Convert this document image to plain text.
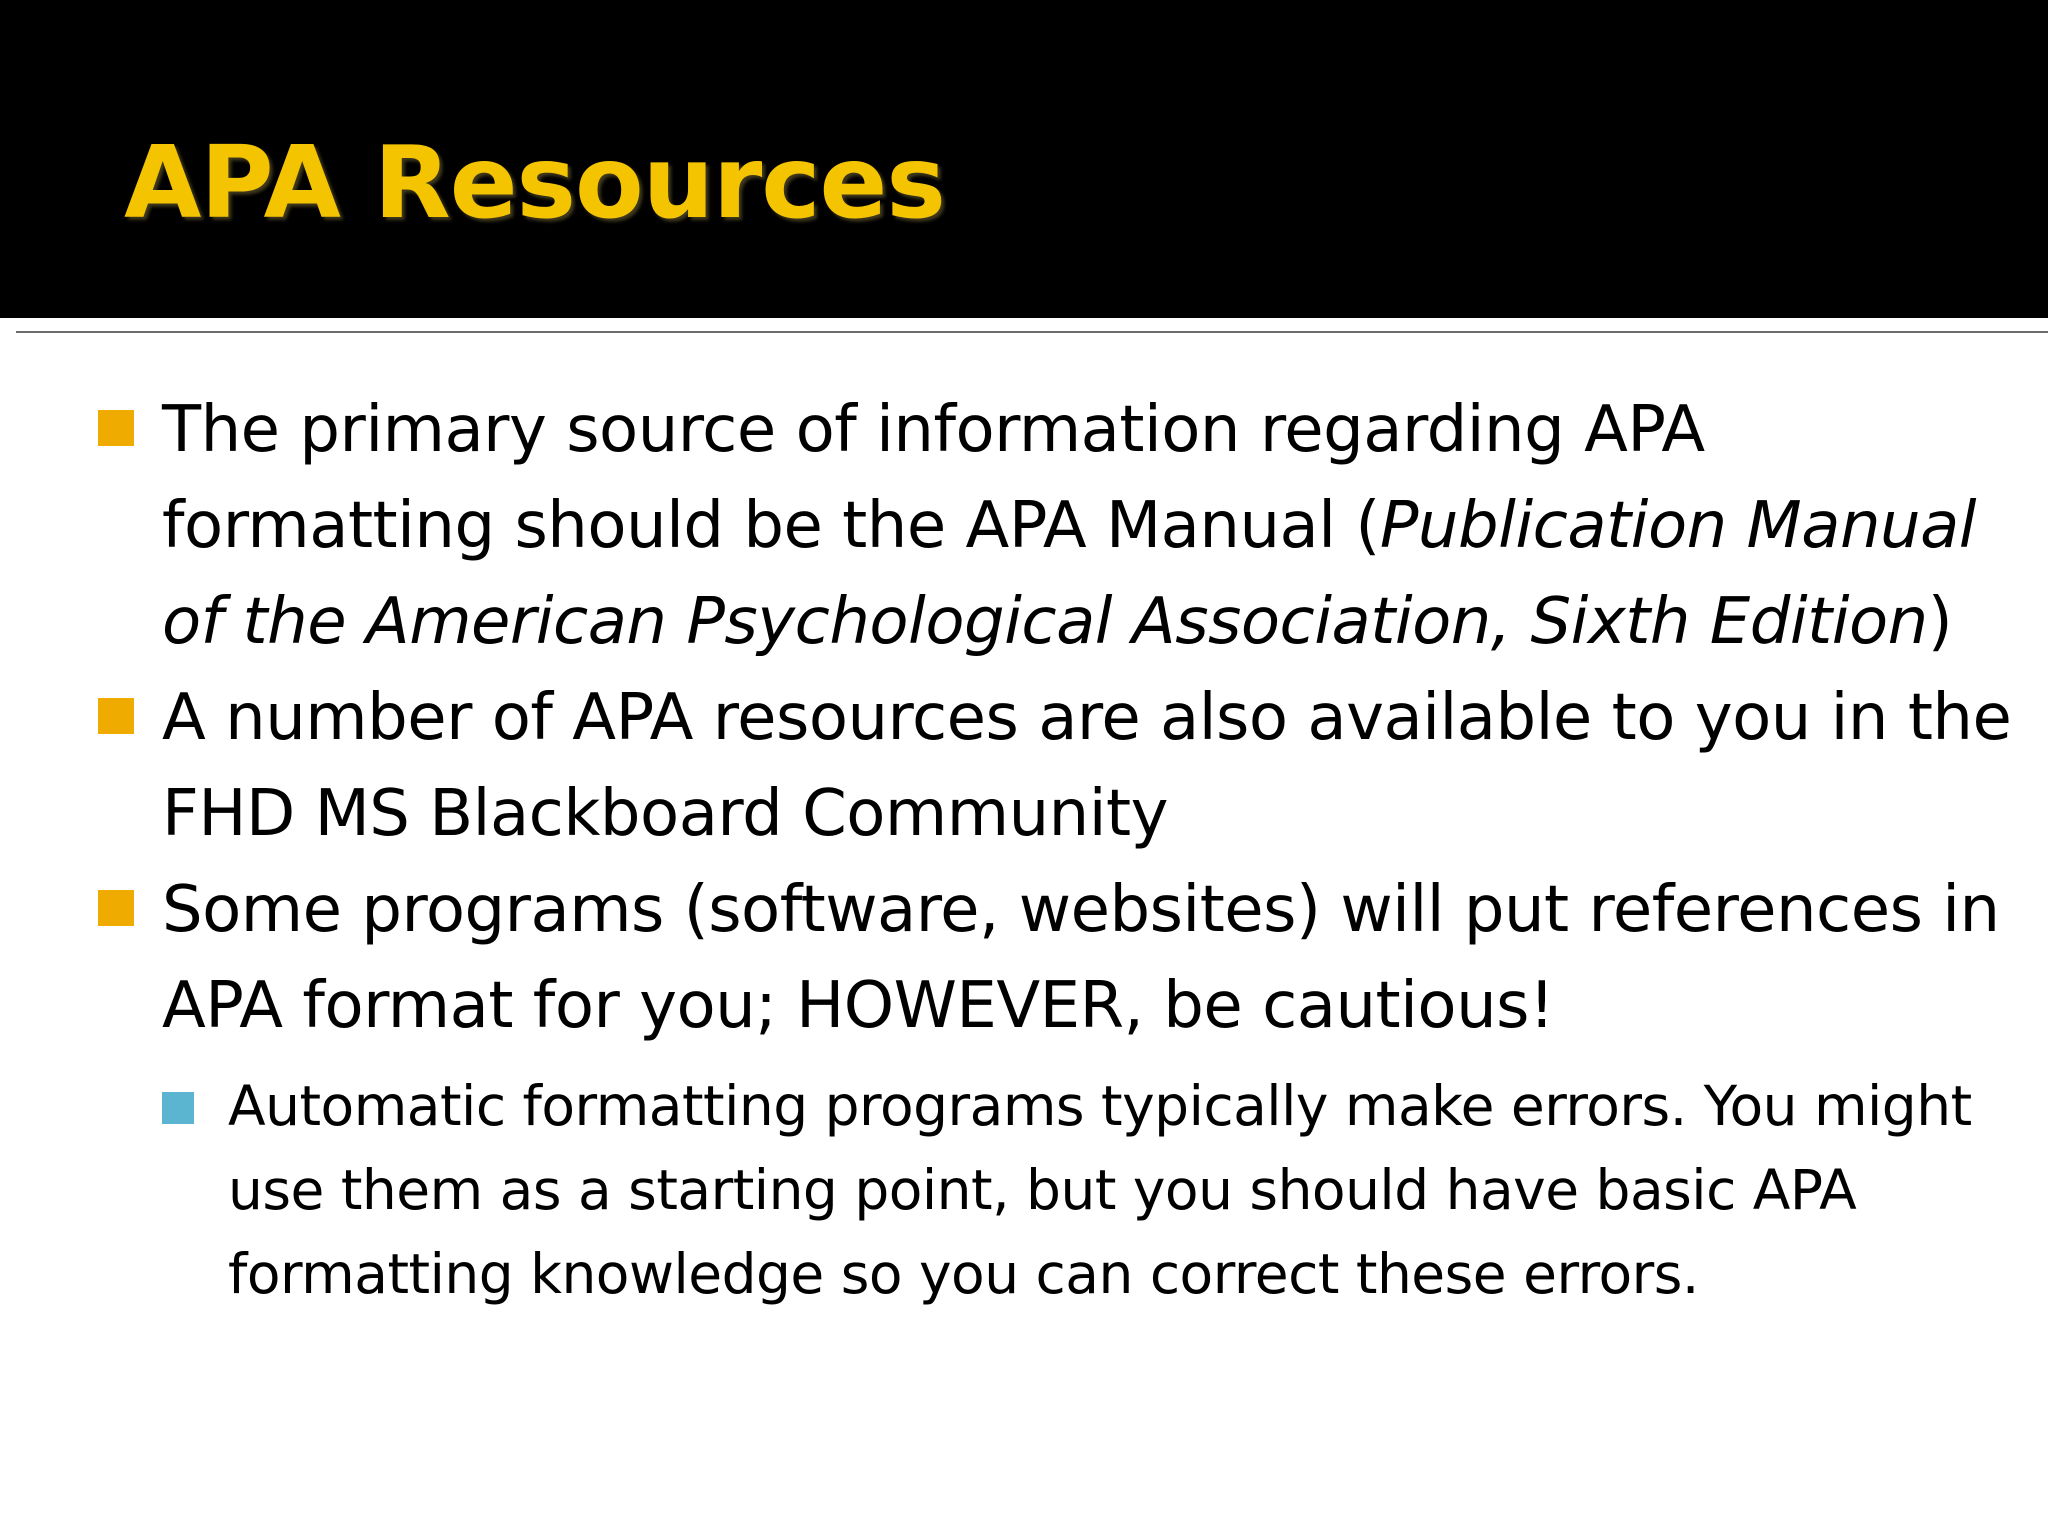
APA Resources
The primary source of information regarding APA formatting should be the APA Manual (Publication Manual of the American Psychological Association, Sixth Edition)
A number of APA resources are also available to you in the FHD MS Blackboard Community
Some programs (software, websites) will put references in APA format for you; HOWEVER, be cautious!
Automatic formatting programs typically make errors. You might use them as a starting point, but you should have basic APA formatting knowledge so you can correct these errors.
